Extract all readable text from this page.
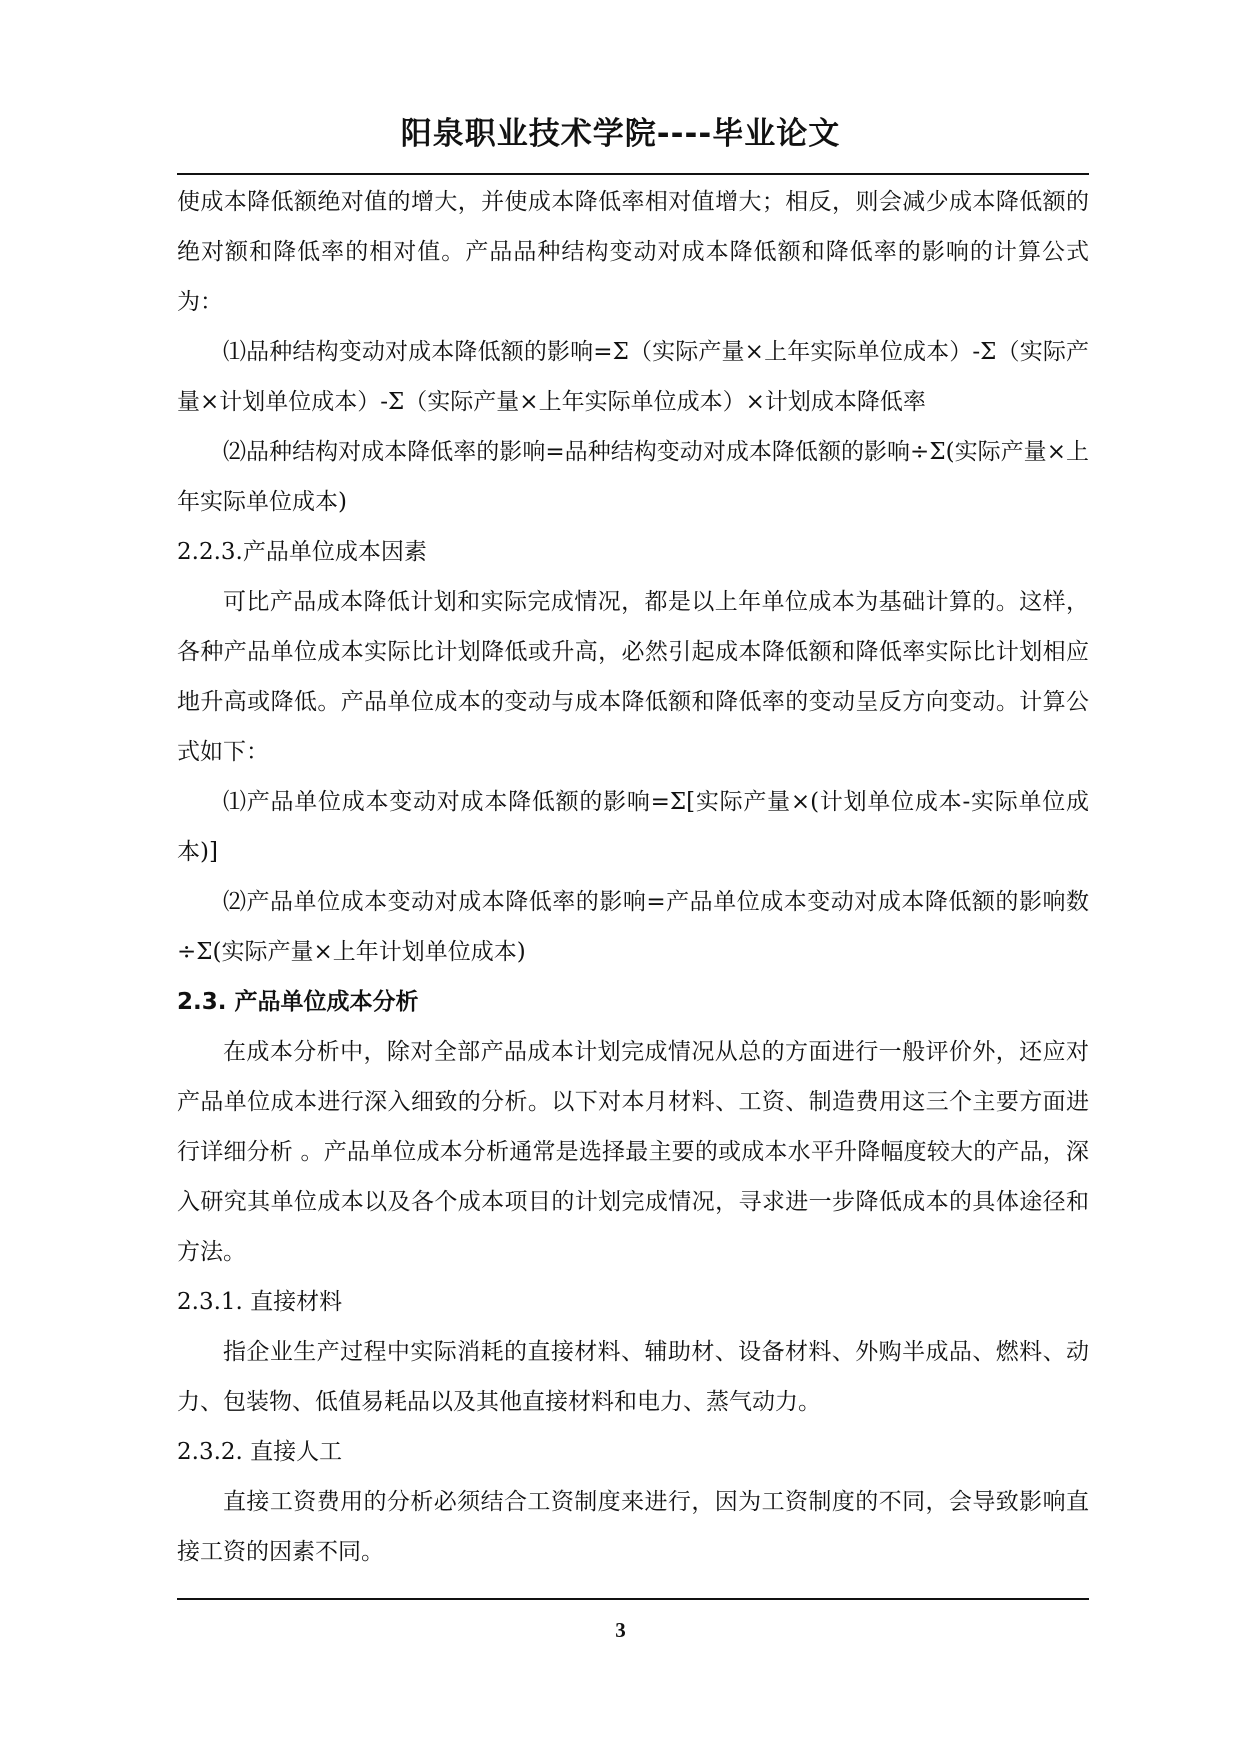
阳泉职业技术学院----毕业论文

使成本降低额绝对值的增大，并使成本降低率相对值增大；相反，则会减少成本降低额的绝对额和降低率的相对值。产品品种结构变动对成本降低额和降低率的影响的计算公式为：

⑴品种结构变动对成本降低额的影响=Σ（实际产量×上年实际单位成本）-Σ（实际产量×计划单位成本）-Σ（实际产量×上年实际单位成本）×计划成本降低率

⑵品种结构对成本降低率的影响=品种结构变动对成本降低额的影响÷Σ(实际产量×上年实际单位成本)

2.2.3.产品单位成本因素

可比产品成本降低计划和实际完成情况，都是以上年单位成本为基础计算的。这样，各种产品单位成本实际比计划降低或升高，必然引起成本降低额和降低率实际比计划相应地升高或降低。产品单位成本的变动与成本降低额和降低率的变动呈反方向变动。计算公式如下：

⑴产品单位成本变动对成本降低额的影响=Σ[实际产量×(计划单位成本-实际单位成本)]

⑵产品单位成本变动对成本降低率的影响=产品单位成本变动对成本降低额的影响数÷Σ(实际产量×上年计划单位成本)

2.3. 产品单位成本分析

在成本分析中，除对全部产品成本计划完成情况从总的方面进行一般评价外，还应对产品单位成本进行深入细致的分析。以下对本月材料、工资、制造费用这三个主要方面进行详细分析 。产品单位成本分析通常是选择最主要的或成本水平升降幅度较大的产品，深入研究其单位成本以及各个成本项目的计划完成情况，寻求进一步降低成本的具体途径和方法。

2.3.1. 直接材料

指企业生产过程中实际消耗的直接材料、辅助材、设备材料、外购半成品、燃料、动力、包装物、低值易耗品以及其他直接材料和电力、蒸气动力。

2.3.2. 直接人工

直接工资费用的分析必须结合工资制度来进行，因为工资制度的不同，会导致影响直接工资的因素不同。

3
